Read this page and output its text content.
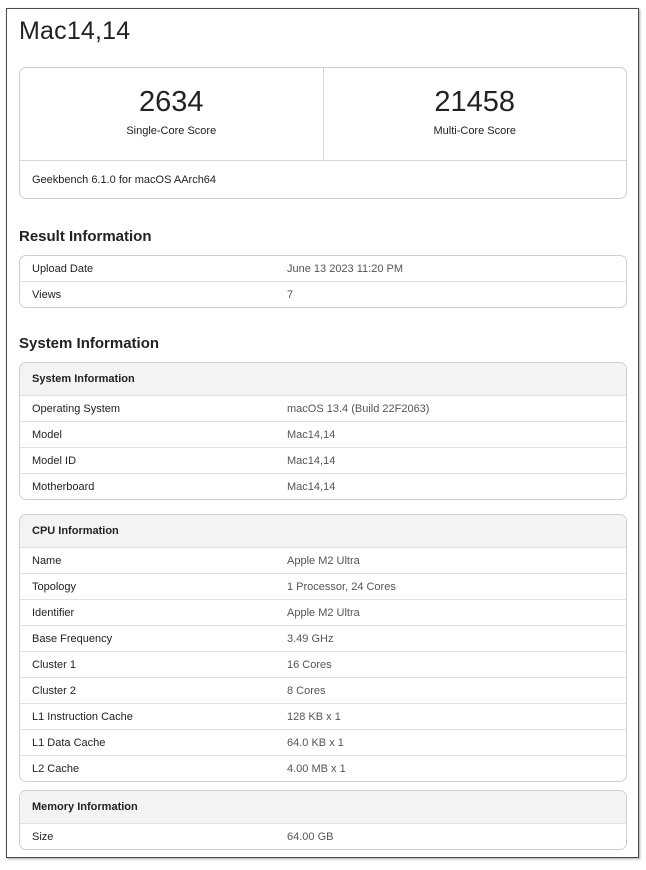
Mac14,14
2634
Single-Core Score
21458
Multi-Core Score
Geekbench 6.1.0 for macOS AArch64
Result Information
Upload Date	June 13 2023 11:20 PM
Views	7
System Information
System Information
Operating System	macOS 13.4 (Build 22F2063)
Model	Mac14,14
Model ID	Mac14,14
Motherboard	Mac14,14
CPU Information
Name	Apple M2 Ultra
Topology	1 Processor, 24 Cores
Identifier	Apple M2 Ultra
Base Frequency	3.49 GHz
Cluster 1	16 Cores
Cluster 2	8 Cores
L1 Instruction Cache	128 KB x 1
L1 Data Cache	64.0 KB x 1
L2 Cache	4.00 MB x 1
Memory Information
Size	64.00 GB
